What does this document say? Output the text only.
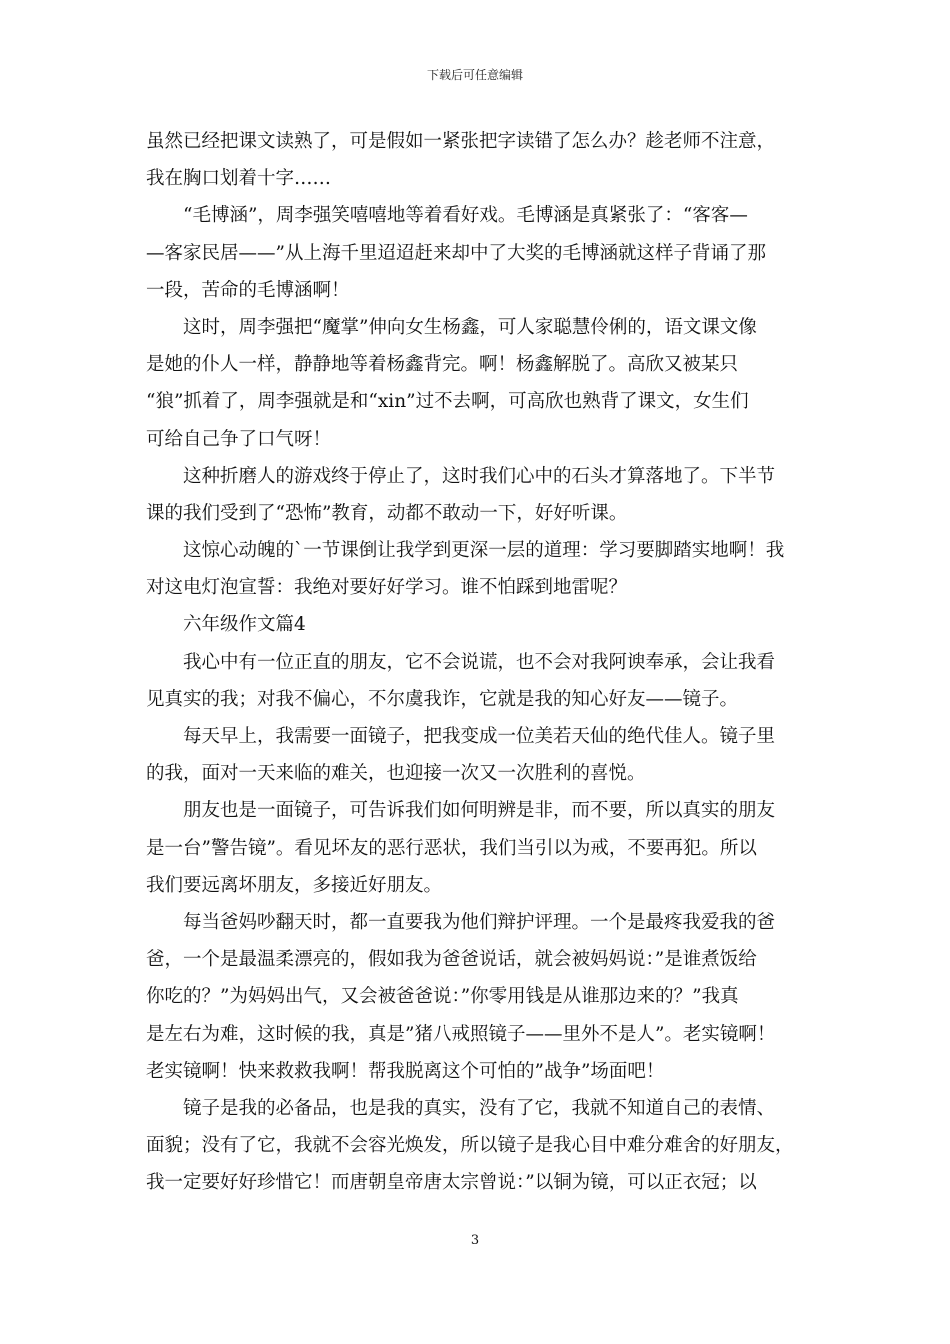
下载后可任意编辑
虽然已经把课文读熟了，可是假如一紧张把字读错了怎么办？趁老师不注意，
我在胸口划着十字……
“毛博涵”，周李强笑嘻嘻地等着看好戏。毛博涵是真紧张了：“客客—
—客家民居——”从上海千里迢迢赶来却中了大奖的毛博涵就这样子背诵了那
一段，苦命的毛博涵啊！
这时，周李强把“魔掌”伸向女生杨鑫，可人家聪慧伶俐的，语文课文像
是她的仆人一样，静静地等着杨鑫背完。啊！杨鑫解脱了。高欣又被某只
“狼”抓着了，周李强就是和“xin”过不去啊，可高欣也熟背了课文，女生们
可给自己争了口气呀！
这种折磨人的游戏终于停止了，这时我们心中的石头才算落地了。下半节
课的我们受到了“恐怖”教育，动都不敢动一下，好好听课。
这惊心动魄的`一节课倒让我学到更深一层的道理：学习要脚踏实地啊！我
对这电灯泡宣誓：我绝对要好好学习。谁不怕踩到地雷呢？
六年级作文篇4
我心中有一位正直的朋友，它不会说谎，也不会对我阿谀奉承，会让我看
见真实的我；对我不偏心，不尔虞我诈，它就是我的知心好友——镜子。
每天早上，我需要一面镜子，把我变成一位美若天仙的绝代佳人。镜子里
的我，面对一天来临的难关，也迎接一次又一次胜利的喜悦。
朋友也是一面镜子，可告诉我们如何明辨是非，而不要，所以真实的朋友
是一台”警告镜”。看见坏友的恶行恶状，我们当引以为戒，不要再犯。所以
我们要远离坏朋友，多接近好朋友。
每当爸妈吵翻天时，都一直要我为他们辩护评理。一个是最疼我爱我的爸
爸，一个是最温柔漂亮的，假如我为爸爸说话，就会被妈妈说：”是谁煮饭给
你吃的？”为妈妈出气，又会被爸爸说：”你零用钱是从谁那边来的？”我真
是左右为难，这时候的我，真是”猪八戒照镜子——里外不是人”。老实镜啊！
老实镜啊！快来救救我啊！帮我脱离这个可怕的”战争”场面吧！
镜子是我的必备品，也是我的真实，没有了它，我就不知道自己的表情、
面貌；没有了它，我就不会容光焕发，所以镜子是我心目中难分难舍的好朋友，
我一定要好好珍惜它！而唐朝皇帝唐太宗曾说：”以铜为镜，可以正衣冠；以
3
